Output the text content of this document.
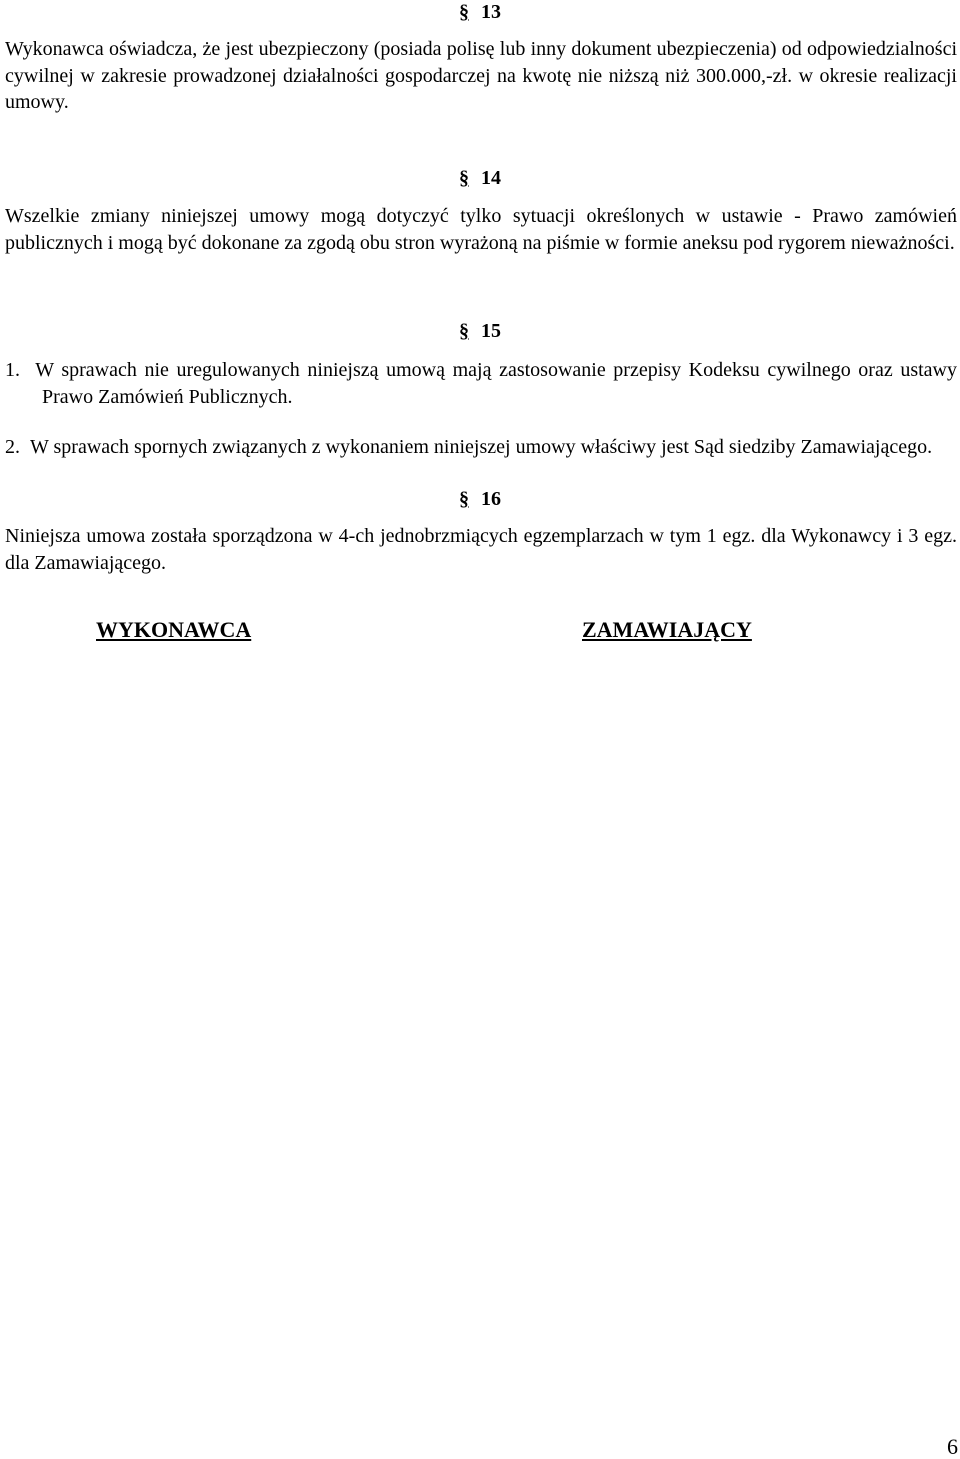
§ 13
Wykonawca oświadcza, że jest ubezpieczony (posiada polisę lub inny dokument ubezpieczenia) od odpowiedzialności cywilnej w zakresie prowadzonej działalności gospodarczej na kwotę nie niższą niż 300.000,-zł. w okresie realizacji umowy.
§ 14
Wszelkie zmiany niniejszej umowy mogą dotyczyć tylko sytuacji określonych w ustawie - Prawo zamówień publicznych i mogą być dokonane za zgodą obu stron wyrażoną na piśmie w formie aneksu pod rygorem nieważności.
§ 15
1. W sprawach nie uregulowanych niniejszą umową mają zastosowanie przepisy Kodeksu cywilnego oraz ustawy Prawo Zamówień Publicznych.
2. W sprawach spornych związanych z wykonaniem niniejszej umowy właściwy jest Sąd siedziby Zamawiającego.
§ 16
Niniejsza umowa została sporządzona w 4-ch jednobrzmiących egzemplarzach w tym 1 egz. dla Wykonawcy i 3 egz. dla Zamawiającego.
WYKONAWCA	ZAMAWIAJĄCY
6
